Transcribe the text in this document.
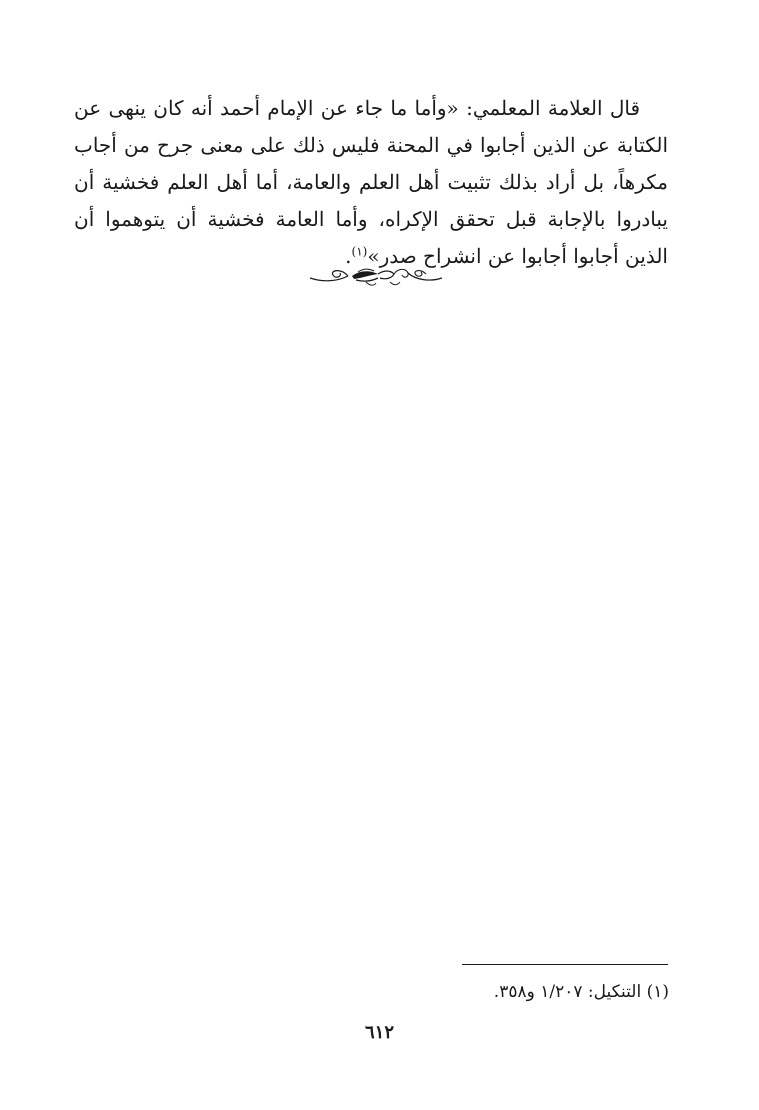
قال العلامة المعلمي: «وأما ما جاء عن الإمام أحمد أنه كان ينهى عن الكتابة عن الذين أجابوا في المحنة فليس ذلك على معنى جرح من أجاب مكرهاً، بل أراد بذلك تثبيت أهل العلم والعامة، أما أهل العلم فخشية أن يبادروا بالإجابة قبل تحقق الإكراه، وأما العامة فخشية أن يتوهموا أن الذين أجابوا أجابوا عن انشراح صدر»$^{(١)}$.

(١) التنكيل: ١/٢٠٧ و٣٥٨.
٦١٢
